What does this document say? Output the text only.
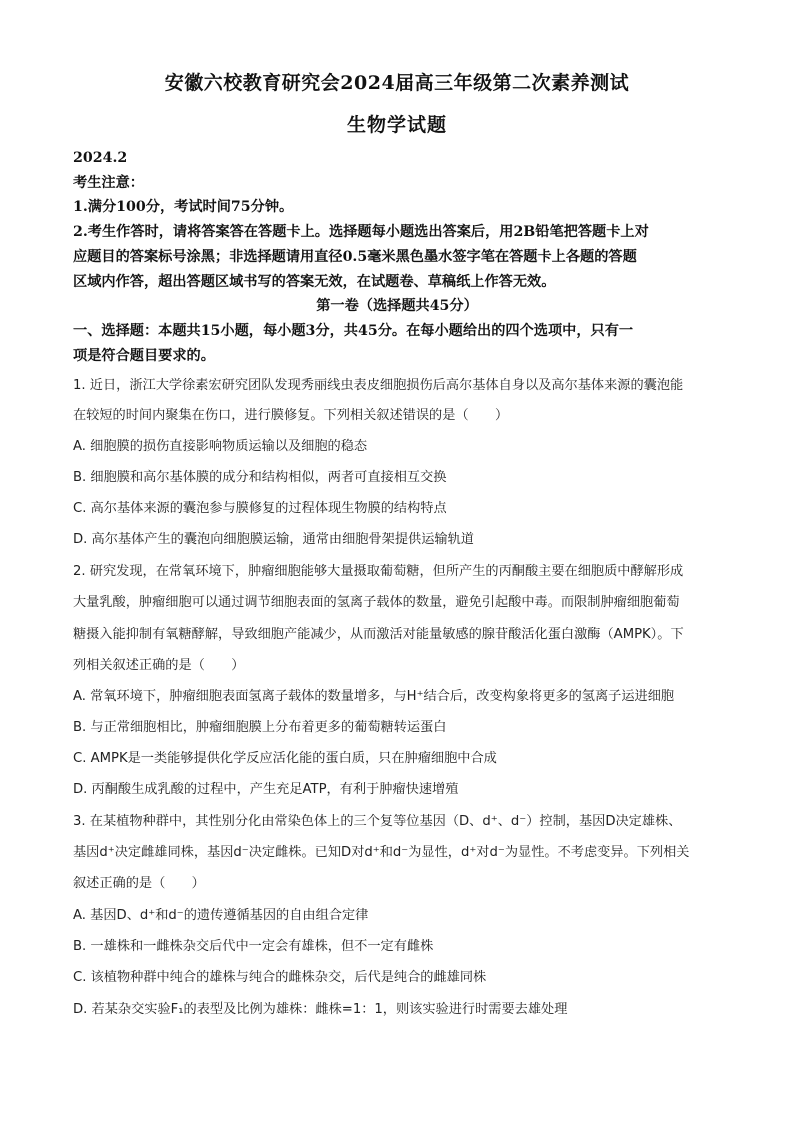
安徽六校教育研究会2024届高三年级第二次素养测试
生物学试题
2024.2
考生注意：
1.满分100分，考试时间75分钟。
2.考生作答时，请将答案答在答题卡上。选择题每小题选出答案后，用2B铅笔把答题卡上对
应题目的答案标号涂黑；非选择题请用直径0.5毫米黑色墨水签字笔在答题卡上各题的答题
区域内作答，超出答题区域书写的答案无效，在试题卷、草稿纸上作答无效。
第一卷（选择题共45分）
一、选择题：本题共15小题，每小题3分，共45分。在每小题给出的四个选项中，只有一
项是符合题目要求的。
1. 近日，浙江大学徐素宏研究团队发现秀丽线虫表皮细胞损伤后高尔基体自身以及高尔基体来源的囊泡能
在较短的时间内聚集在伤口，进行膜修复。下列相关叙述错误的是（　　）
A. 细胞膜的损伤直接影响物质运输以及细胞的稳态
B. 细胞膜和高尔基体膜的成分和结构相似，两者可直接相互交换
C. 高尔基体来源的囊泡参与膜修复的过程体现生物膜的结构特点
D. 高尔基体产生的囊泡向细胞膜运输，通常由细胞骨架提供运输轨道
2. 研究发现，在常氧环境下，肿瘤细胞能够大量摄取葡萄糖，但所产生的丙酮酸主要在细胞质中酵解形成
大量乳酸，肿瘤细胞可以通过调节细胞表面的氢离子载体的数量，避免引起酸中毒。而限制肿瘤细胞葡萄
糖摄入能抑制有氧糖酵解，导致细胞产能减少，从而激活对能量敏感的腺苷酸活化蛋白激酶（AMPK）。下
列相关叙述正确的是（　　）
A. 常氧环境下，肿瘤细胞表面氢离子载体的数量增多，与H⁺结合后，改变构象将更多的氢离子运进细胞
B. 与正常细胞相比，肿瘤细胞膜上分布着更多的葡萄糖转运蛋白
C. AMPK是一类能够提供化学反应活化能的蛋白质，只在肿瘤细胞中合成
D. 丙酮酸生成乳酸的过程中，产生充足ATP，有利于肿瘤快速增殖
3. 在某植物种群中，其性别分化由常染色体上的三个复等位基因（D、d⁺、d⁻）控制，基因D决定雄株、
基因d⁺决定雌雄同株，基因d⁻决定雌株。已知D对d⁺和d⁻为显性，d⁺对d⁻为显性。不考虑变异。下列相关
叙述正确的是（　　）
A. 基因D、d⁺和d⁻的遗传遵循基因的自由组合定律
B. 一雄株和一雌株杂交后代中一定会有雄株，但不一定有雌株
C. 该植物种群中纯合的雄株与纯合的雌株杂交，后代是纯合的雌雄同株
D. 若某杂交实验F₁的表型及比例为雄株：雌株=1：1，则该实验进行时需要去雄处理
